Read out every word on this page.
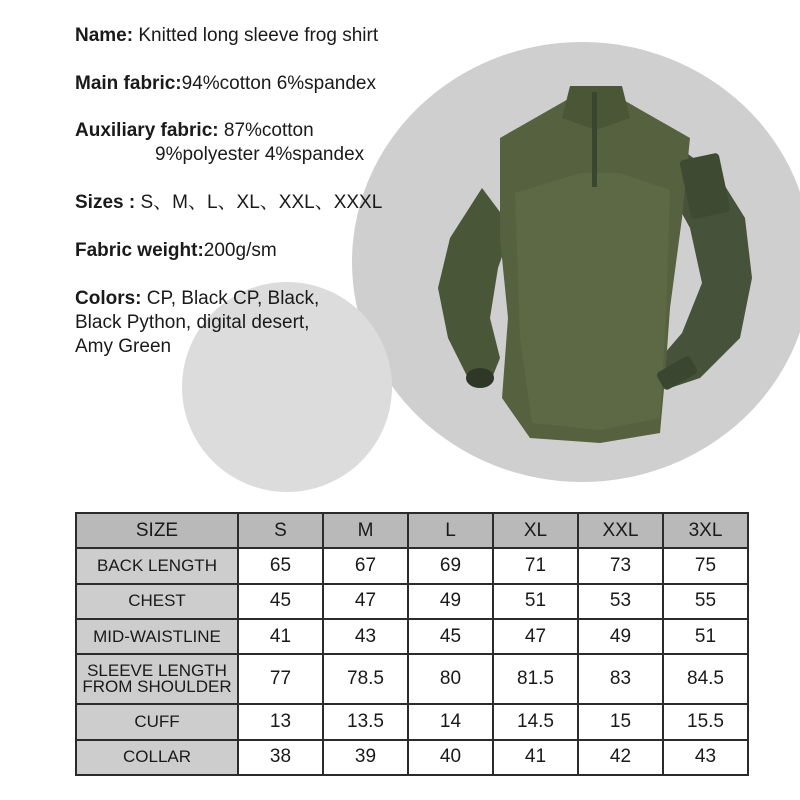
Name: Knitted long sleeve frog shirt
Main fabric:94%cotton 6%spandex
Auxiliary fabric: 87%cotton
9%polyester 4%spandex
Sizes : S、M、L、XL、XXL、XXXL
Fabric weight:200g/sm
Colors: CP, Black CP, Black,
Black Python, digital desert,
Amy Green
SIZE	S	M	L	XL	XXL	3XL
BACK LENGTH	65	67	69	71	73	75
CHEST	45	47	49	51	53	55
MID-WAISTLINE	41	43	45	47	49	51

SLEEVE LENGTH
FROM SHOULDER	77	78.5	80	81.5	83	84.5
CUFF	13	13.5	14	14.5	15	15.5
COLLAR	38	39	40	41	42	43
